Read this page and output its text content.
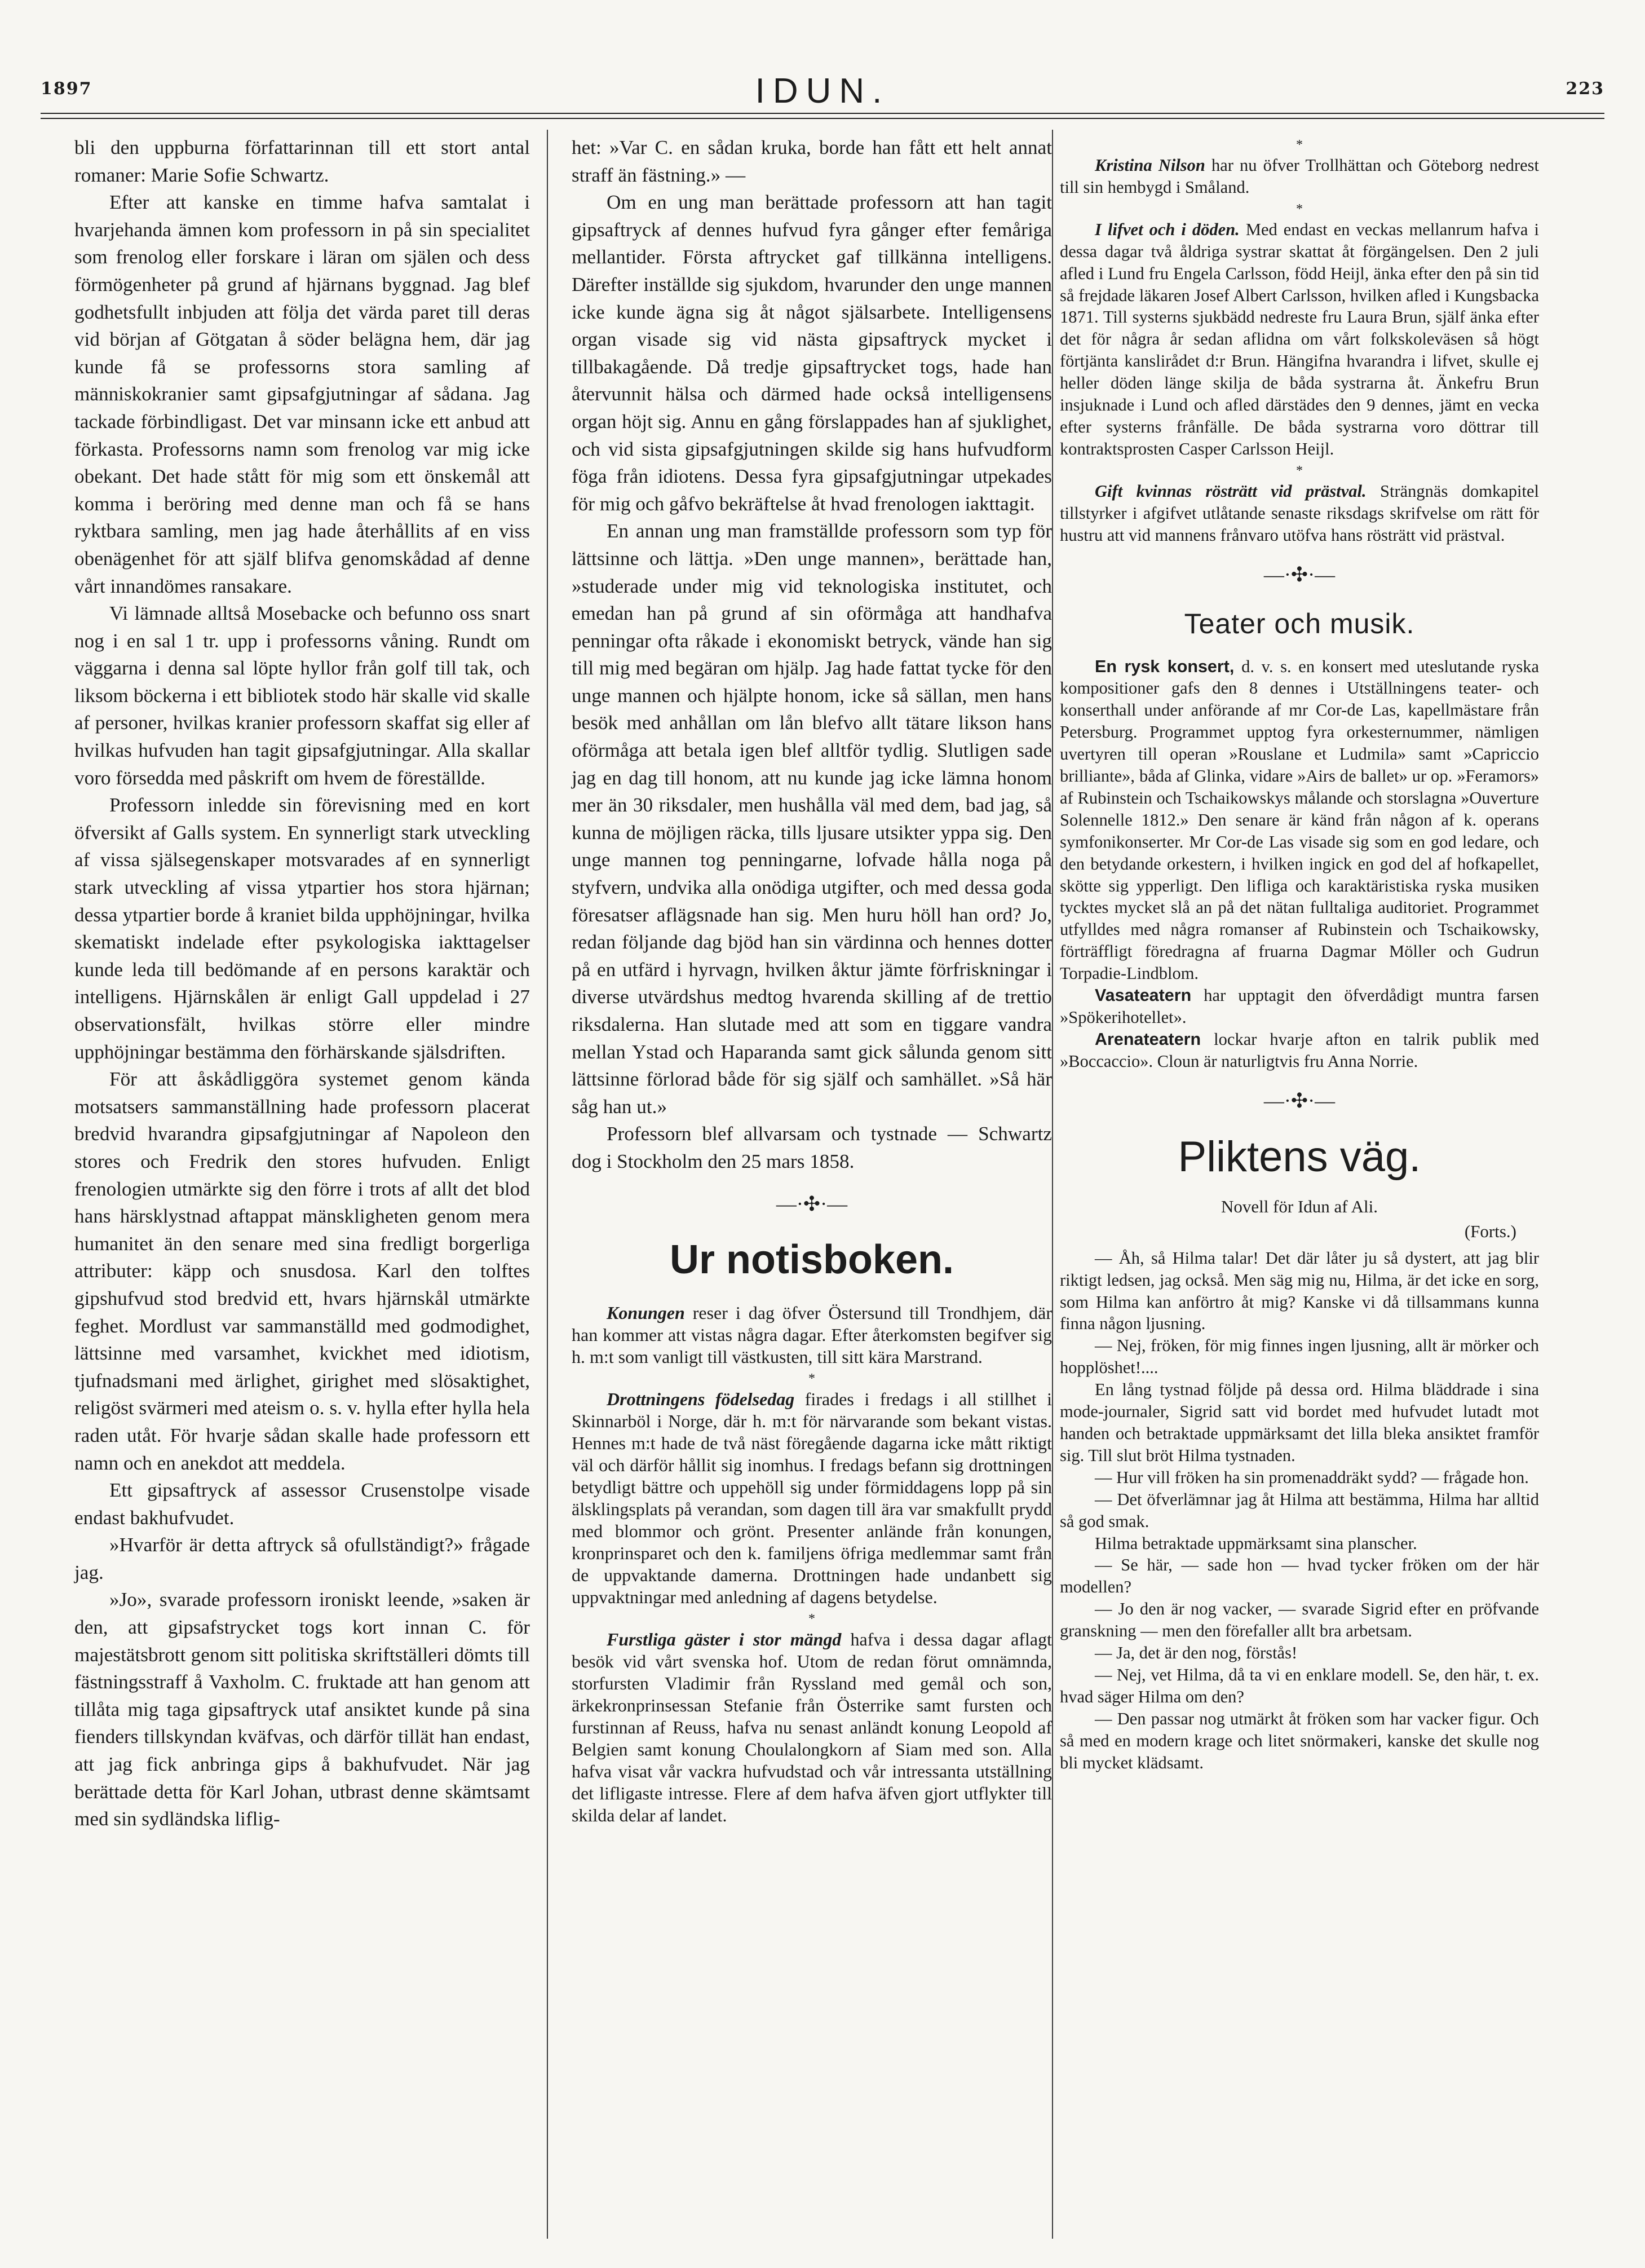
1897	IDUN.	223

bli den uppburna författarinnan till ett stort antal romaner: Marie Sofie Schwartz.

Efter att kanske en timme hafva samtalat i hvarjehanda ämnen kom professorn in på sin specialitet som frenolog eller forskare i läran om själen och dess förmögenheter på grund af hjärnans byggnad. Jag blef godhetsfullt inbjuden att följa det värda paret till deras vid början af Götgatan å söder belägna hem, där jag kunde få se professorns stora samling af människokranier samt gipsafgjutningar af sådana. Jag tackade förbindligast. Det var minsann icke ett anbud att förkasta. Professorns namn som frenolog var mig icke obekant. Det hade stått för mig som ett önskemål att komma i beröring med denne man och få se hans ryktbara samling, men jag hade återhållits af en viss obenägenhet för att själf blifva genomskådad af denne vårt innandömes ransakare.

Vi lämnade alltså Mosebacke och befunno oss snart nog i en sal 1 tr. upp i professorns våning. Rundt om väggarna i denna sal löpte hyllor från golf till tak, och liksom böckerna i ett bibliotek stodo här skalle vid skalle af personer, hvilkas kranier professorn skaffat sig eller af hvilkas hufvuden han tagit gipsafgjutningar. Alla skallar voro försedda med påskrift om hvem de föreställde.

Professorn inledde sin förevisning med en kort öfversikt af Galls system. En synnerligt stark utveckling af vissa själsegenskaper motsvarades af en synnerligt stark utveckling af vissa ytpartier hos stora hjärnan; dessa ytpartier borde å kraniet bilda upphöjningar, hvilka skematiskt indelade efter psykologiska iakttagelser kunde leda till bedömande af en persons karaktär och intelligens. Hjärnskålen är enligt Gall uppdelad i 27 observationsfält, hvilkas större eller mindre upphöjningar bestämma den förhärskande själsdriften.

För att åskådliggöra systemet genom kända motsatsers sammanställning hade professorn placerat bredvid hvarandra gipsafgjutningar af Napoleon den stores och Fredrik den stores hufvuden. Enligt frenologien utmärkte sig den förre i trots af allt det blod hans härsklystnad aftappat mänskligheten genom mera humanitet än den senare med sina fredligt borgerliga attributer: käpp och snusdosa. Karl den tolftes gipshufvud stod bredvid ett, hvars hjärnskål utmärkte feghet. Mordlust var sammanställd med godmodighet, lättsinne med varsamhet, kvickhet med idiotism, tjufnadsmani med ärlighet, girighet med slösaktighet, religöst svärmeri med ateism o. s. v. hylla efter hylla hela raden utåt. För hvarje sådan skalle hade professorn ett namn och en anekdot att meddela.

Ett gipsaftryck af assessor Crusenstolpe visade endast bakhufvudet.

»Hvarför är detta aftryck så ofullständigt?» frågade jag.

»Jo», svarade professorn ironiskt leende, »saken är den, att gipsafstrycket togs kort innan C. för majestätsbrott genom sitt politiska skriftställeri dömts till fästningsstraff å Vaxholm. C. fruktade att han genom att tillåta mig taga gipsaftryck utaf ansiktet kunde på sina fienders tillskyndan kväfvas, och därför tillät han endast, att jag fick anbringa gips å bakhufvudet. När jag berättade detta för Karl Johan, utbrast denne skämtsamt med sin sydländska liflig-

het: »Var C. en sådan kruka, borde han fått ett helt annat straff än fästning.» —

Om en ung man berättade professorn att han tagit gipsaftryck af dennes hufvud fyra gånger efter femåriga mellantider. Första aftrycket gaf tillkänna intelligens. Därefter inställde sig sjukdom, hvarunder den unge mannen icke kunde ägna sig åt något själsarbete. Intelligensens organ visade sig vid nästa gipsaftryck mycket i tillbakagående. Då tredje gipsaftrycket togs, hade han återvunnit hälsa och därmed hade också intelligensens organ höjt sig. Annu en gång förslappades han af sjuklighet, och vid sista gipsafgjutningen skilde sig hans hufvudform föga från idiotens. Dessa fyra gipsafgjutningar utpekades för mig och gåfvo bekräftelse åt hvad frenologen iakttagit.

En annan ung man framställde professorn som typ för lättsinne och lättja. »Den unge mannen», berättade han, »studerade under mig vid teknologiska institutet, och emedan han på grund af sin oförmåga att handhafva penningar ofta råkade i ekonomiskt betryck, vände han sig till mig med begäran om hjälp. Jag hade fattat tycke för den unge mannen och hjälpte honom, icke så sällan, men hans besök med anhållan om lån blefvo allt tätare likson hans oförmåga att betala igen blef alltför tydlig. Slutligen sade jag en dag till honom, att nu kunde jag icke lämna honom mer än 30 riksdaler, men hushålla väl med dem, bad jag, så kunna de möjligen räcka, tills ljusare utsikter yppa sig. Den unge mannen tog penningarne, lofvade hålla noga på styfvern, undvika alla onödiga utgifter, och med dessa goda föresatser aflägsnade han sig. Men huru höll han ord? Jo, redan följande dag bjöd han sin värdinna och hennes dotter på en utfärd i hyrvagn, hvilken åktur jämte förfriskningar i diverse utvärdshus medtog hvarenda skilling af de trettio riksdalerna. Han slutade med att som en tiggare vandra mellan Ystad och Haparanda samt gick sålunda genom sitt lättsinne förlorad både för sig själf och samhället. »Så här såg han ut.»

Professorn blef allvarsam och tystnade — Schwartz dog i Stockholm den 25 mars 1858.

—·✣·—
Ur notisboken.

Konungen reser i dag öfver Östersund till Trondhjem, där han kommer att vistas några dagar. Efter återkomsten begifver sig h. m:t som vanligt till västkusten, till sitt kära Marstrand.

*

Drottningens födelsedag firades i fredags i all stillhet i Skinnarböl i Norge, där h. m:t för närvarande som bekant vistas. Hennes m:t hade de två näst föregående dagarna icke mått riktigt väl och därför hållit sig inomhus. I fredags befann sig drottningen betydligt bättre och uppehöll sig under förmiddagens lopp på sin älsklingsplats på verandan, som dagen till ära var smakfullt prydd med blommor och grönt. Presenter anlände från konungen, kronprinsparet och den k. familjens öfriga medlemmar samt från de uppvaktande damerna. Drottningen hade undanbett sig uppvaktningar med anledning af dagens betydelse.

*

Furstliga gäster i stor mängd hafva i dessa dagar aflagt besök vid vårt svenska hof. Utom de redan förut omnämnda, storfursten Vladimir från Ryssland med gemål och son, ärkekronprinsessan Stefanie från Österrike samt fursten och furstinnan af Reuss, hafva nu senast anländt konung Leopold af Belgien samt konung Choulalongkorn af Siam med son. Alla hafva visat vår vackra hufvudstad och vår intressanta utställning det lifligaste intresse. Flere af dem hafva äfven gjort utflykter till skilda delar af landet.

*

Kristina Nilson har nu öfver Trollhättan och Göteborg nedrest till sin hembygd i Småland.

*

I lifvet och i döden. Med endast en veckas mellanrum hafva i dessa dagar två åldriga systrar skattat åt förgängelsen. Den 2 juli afled i Lund fru Engela Carlsson, född Heijl, änka efter den på sin tid så frejdade läkaren Josef Albert Carlsson, hvilken afled i Kungsbacka 1871. Till systerns sjukbädd nedreste fru Laura Brun, själf änka efter det för några år sedan aflidna om vårt folkskoleväsen så högt förtjänta kanslirådet d:r Brun. Hängifna hvarandra i lifvet, skulle ej heller döden länge skilja de båda systrarna åt. Änkefru Brun insjuknade i Lund och afled därstädes den 9 dennes, jämt en vecka efter systerns frånfälle. De båda systrarna voro döttrar till kontraktsprosten Casper Carlsson Heijl.

*

Gift kvinnas rösträtt vid prästval. Strängnäs domkapitel tillstyrker i afgifvet utlåtande senaste riksdags skrifvelse om rätt för hustru att vid mannens frånvaro utöfva hans rösträtt vid prästval.

—·✣·—
Teater och musik.

En rysk konsert, d. v. s. en konsert med uteslutande ryska kompositioner gafs den 8 dennes i Utställningens teater- och konserthall under anförande af mr Cor-de Las, kapellmästare från Petersburg. Programmet upptog fyra orkesternummer, nämligen uvertyren till operan »Rouslane et Ludmila» samt »Capriccio brilliante», båda af Glinka, vidare »Airs de ballet» ur op. »Feramors» af Rubinstein och Tschaikowskys målande och storslagna »Ouverture Solennelle 1812.» Den senare är känd från någon af k. operans symfonikonserter. Mr Cor-de Las visade sig som en god ledare, och den betydande orkestern, i hvilken ingick en god del af hofkapellet, skötte sig ypperligt. Den lifliga och karaktäristiska ryska musiken tycktes mycket slå an på det nätan fulltaliga auditoriet. Programmet utfylldes med några romanser af Rubinstein och Tschaikowsky, förträffligt föredragna af fruarna Dagmar Möller och Gudrun Torpadie-Lindblom.

Vasateatern har upptagit den öfverdådigt muntra farsen »Spökerihotellet».

Arenateatern lockar hvarje afton en talrik publik med »Boccaccio». Cloun är naturligtvis fru Anna Norrie.

—·✣·—
Pliktens väg.
Novell för Idun af Ali.
(Forts.)

— Åh, så Hilma talar! Det där låter ju så dystert, att jag blir riktigt ledsen, jag också. Men säg mig nu, Hilma, är det icke en sorg, som Hilma kan anförtro åt mig? Kanske vi då tillsammans kunna finna någon ljusning.

— Nej, fröken, för mig finnes ingen ljusning, allt är mörker och hopplöshet!....

En lång tystnad följde på dessa ord. Hilma bläddrade i sina mode-journaler, Sigrid satt vid bordet med hufvudet lutadt mot handen och betraktade uppmärksamt det lilla bleka ansiktet framför sig. Till slut bröt Hilma tystnaden.

— Hur vill fröken ha sin promenaddräkt sydd? — frågade hon.

— Det öfverlämnar jag åt Hilma att bestämma, Hilma har alltid så god smak.

Hilma betraktade uppmärksamt sina planscher.

— Se här, — sade hon — hvad tycker fröken om der här modellen?

— Jo den är nog vacker, — svarade Sigrid efter en pröfvande granskning — men den förefaller allt bra arbetsam.

— Ja, det är den nog, förstås!

— Nej, vet Hilma, då ta vi en enklare modell. Se, den här, t. ex. hvad säger Hilma om den?

— Den passar nog utmärkt åt fröken som har vacker figur. Och så med en modern krage och litet snörmakeri, kanske det skulle nog bli mycket klädsamt.
